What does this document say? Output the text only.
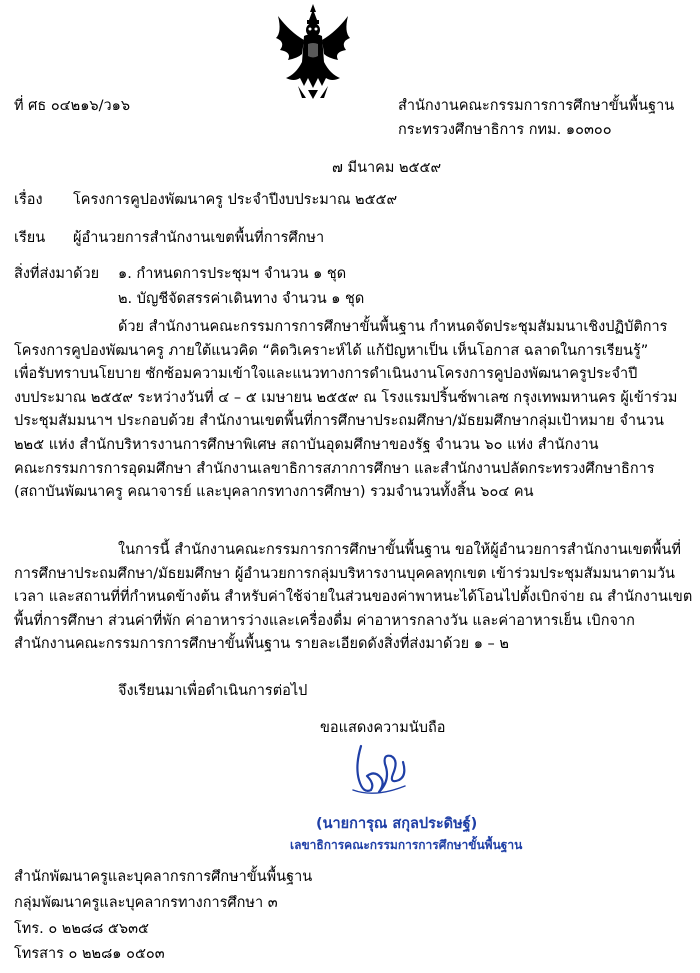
ที่ ศธ ๐๔๒๑๖/ว๑๖	สำนักงานคณะกรรมการการศึกษาขั้นพื้นฐาน
กระทรวงศึกษาธิการ กทม. ๑๐๓๐๐
๗ มีนาคม ๒๕๕๙
เรื่อง โครงการคูปองพัฒนาครู ประจำปีงบประมาณ ๒๕๕๙
เรียน ผู้อำนวยการสำนักงานเขตพื้นที่การศึกษา
สิ่งที่ส่งมาด้วย ๑. กำหนดการประชุมฯ จำนวน ๑ ชุด
๒. บัญชีจัดสรรค่าเดินทาง จำนวน ๑ ชุด
ด้วย สำนักงานคณะกรรมการการศึกษาขั้นพื้นฐาน กำหนดจัดประชุมสัมมนาเชิงปฏิบัติการ
โครงการคูปองพัฒนาครู ภายใต้แนวคิด “คิดวิเคราะห์ได้ แก้ปัญหาเป็น เห็นโอกาส ฉลาดในการเรียนรู้”
เพื่อรับทราบนโยบาย ซักซ้อมความเข้าใจและแนวทางการดำเนินงานโครงการคูปองพัฒนาครูประจำปี
งบประมาณ ๒๕๕๙ ระหว่างวันที่ ๔ – ๕ เมษายน ๒๕๕๙ ณ โรงแรมปริ้นซ์พาเลซ กรุงเทพมหานคร ผู้เข้าร่วม
ประชุมสัมมนาฯ ประกอบด้วย สำนักงานเขตพื้นที่การศึกษาประถมศึกษา/มัธยมศึกษากลุ่มเป้าหมาย จำนวน
๒๒๕ แห่ง สำนักบริหารงานการศึกษาพิเศษ สถาบันอุดมศึกษาของรัฐ จำนวน ๖๐ แห่ง สำนักงาน
คณะกรรมการการอุดมศึกษา สำนักงานเลขาธิการสภาการศึกษา และสำนักงานปลัดกระทรวงศึกษาธิการ
(สถาบันพัฒนาครู คณาจารย์ และบุคลากรทางการศึกษา) รวมจำนวนทั้งสิ้น ๖๐๔ คน
ในการนี้ สำนักงานคณะกรรมการการศึกษาขั้นพื้นฐาน ขอให้ผู้อำนวยการสำนักงานเขตพื้นที่
การศึกษาประถมศึกษา/มัธยมศึกษา ผู้อำนวยการกลุ่มบริหารงานบุคคลทุกเขต เข้าร่วมประชุมสัมมนาตามวัน
เวลา และสถานที่ที่กำหนดข้างต้น สำหรับค่าใช้จ่ายในส่วนของค่าพาหนะได้โอนไปตั้งเบิกจ่าย ณ สำนักงานเขต
พื้นที่การศึกษา ส่วนค่าที่พัก ค่าอาหารว่างและเครื่องดื่ม ค่าอาหารกลางวัน และค่าอาหารเย็น เบิกจาก
สำนักงานคณะกรรมการการศึกษาขั้นพื้นฐาน รายละเอียดดังสิ่งที่ส่งมาด้วย ๑ – ๒
จึงเรียนมาเพื่อดำเนินการต่อไป
ขอแสดงความนับถือ
(นายการุณ สกุลประดิษฐ์)
เลขาธิการคณะกรรมการการศึกษาขั้นพื้นฐาน
สำนักพัฒนาครูและบุคลากรการศึกษาขั้นพื้นฐาน
กลุ่มพัฒนาครูและบุคลากรทางการศึกษา ๓
โทร. ๐ ๒๒๘๘ ๕๖๓๕
โทรสาร ๐ ๒๒๘๑ ๐๕๐๓
